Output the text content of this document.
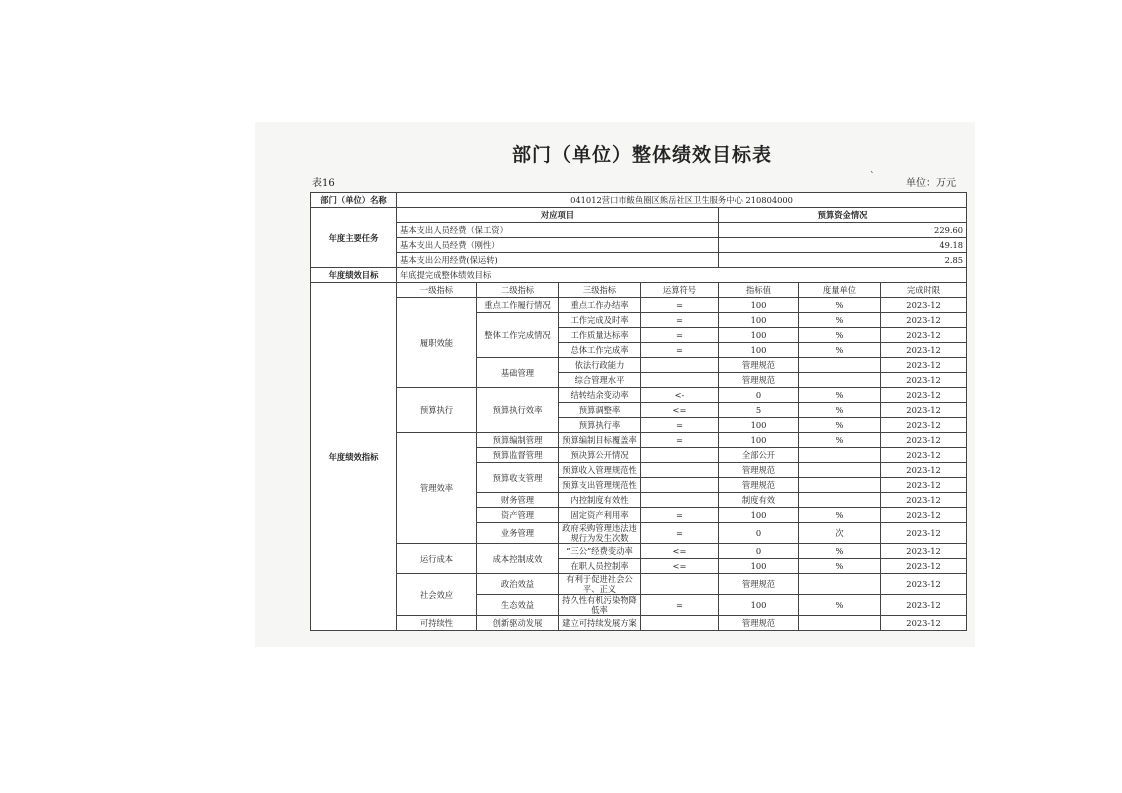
部门（单位）整体绩效目标表
表16
`
单位：万元
部门（单位）名称	041012营口市鲅鱼圈区熊岳社区卫生服务中心 210804000						
年度主要任务	对应项目				预算资金情况		
	基本支出人员经费（保工资）				229.60		
	基本支出人员经费（刚性）				49.18		
	基本支出公用经费(保运转)				2.85		
年度绩效目标	年底提完成整体绩效目标						
年度绩效指标	一级指标	二级指标	三级指标	运算符号	指标值	度量单位	完成时限
	履职效能	重点工作履行情况	重点工作办结率	=	100	%	2023-12
		整体工作完成情况	工作完成及时率	=	100	%	2023-12
			工作质量达标率	=	100	%	2023-12
			总体工作完成率	=	100	%	2023-12
		基础管理	依法行政能力		管理规范		2023-12
			综合管理水平		管理规范		2023-12
	预算执行	预算执行效率	结转结余变动率	<-	0	%	2023-12
			预算调整率	<=	5	%	2023-12
			预算执行率	=	100	%	2023-12
	管理效率	预算编制管理	预算编制目标覆盖率	=	100	%	2023-12
		预算监督管理	预决算公开情况		全部公开		2023-12
		预算收支管理	预算收入管理规范性		管理规范		2023-12
			预算支出管理规范性		管理规范		2023-12
		财务管理	内控制度有效性		制度有效		2023-12
		资产管理	固定资产利用率	=	100	%	2023-12
		业务管理	政府采购管理违法违规行为发生次数	=	0	次	2023-12
	运行成本	成本控制成效	“三公”经费变动率	<=	0	%	2023-12
			在职人员控制率	<=	100	%	2023-12
	社会效应	政治效益	有利于促进社会公平、正义		管理规范		2023-12
		生态效益	持久性有机污染物降低率	=	100	%	2023-12
	可持续性	创新驱动发展	建立可持续发展方案		管理规范		2023-12
